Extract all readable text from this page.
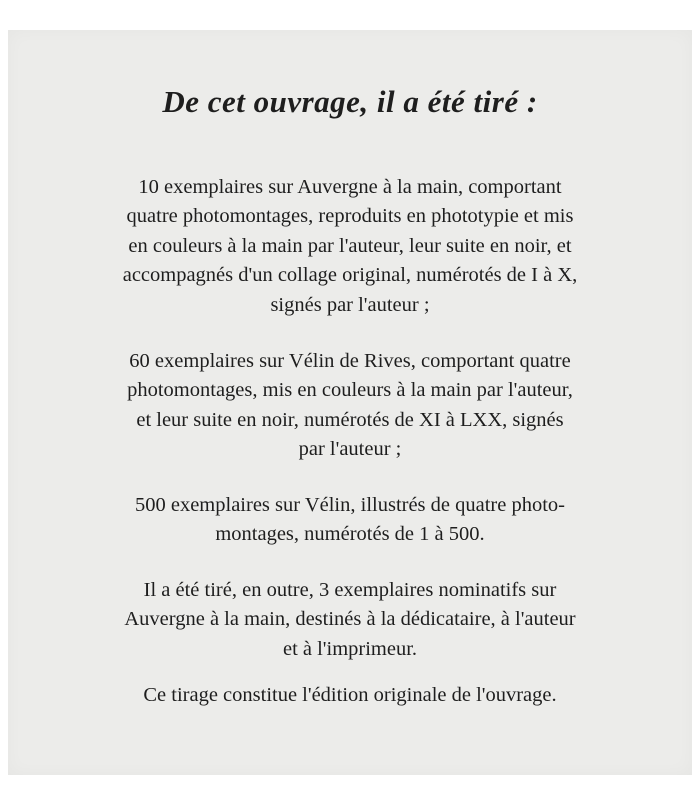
De cet ouvrage, il a été tiré :

10 exemplaires sur Auvergne à la main, comportant
quatre photomontages, reproduits en phototypie et mis
en couleurs à la main par l'auteur, leur suite en noir, et
accompagnés d'un collage original, numérotés de I à X,
signés par l'auteur ;

60 exemplaires sur Vélin de Rives, comportant quatre
photomontages, mis en couleurs à la main par l'auteur,
et leur suite en noir, numérotés de XI à LXX, signés
par l'auteur ;

500 exemplaires sur Vélin, illustrés de quatre photo-
montages, numérotés de 1 à 500.

Il a été tiré, en outre, 3 exemplaires nominatifs sur
Auvergne à la main, destinés à la dédicataire, à l'auteur
et à l'imprimeur.

Ce tirage constitue l'édition originale de l'ouvrage.
